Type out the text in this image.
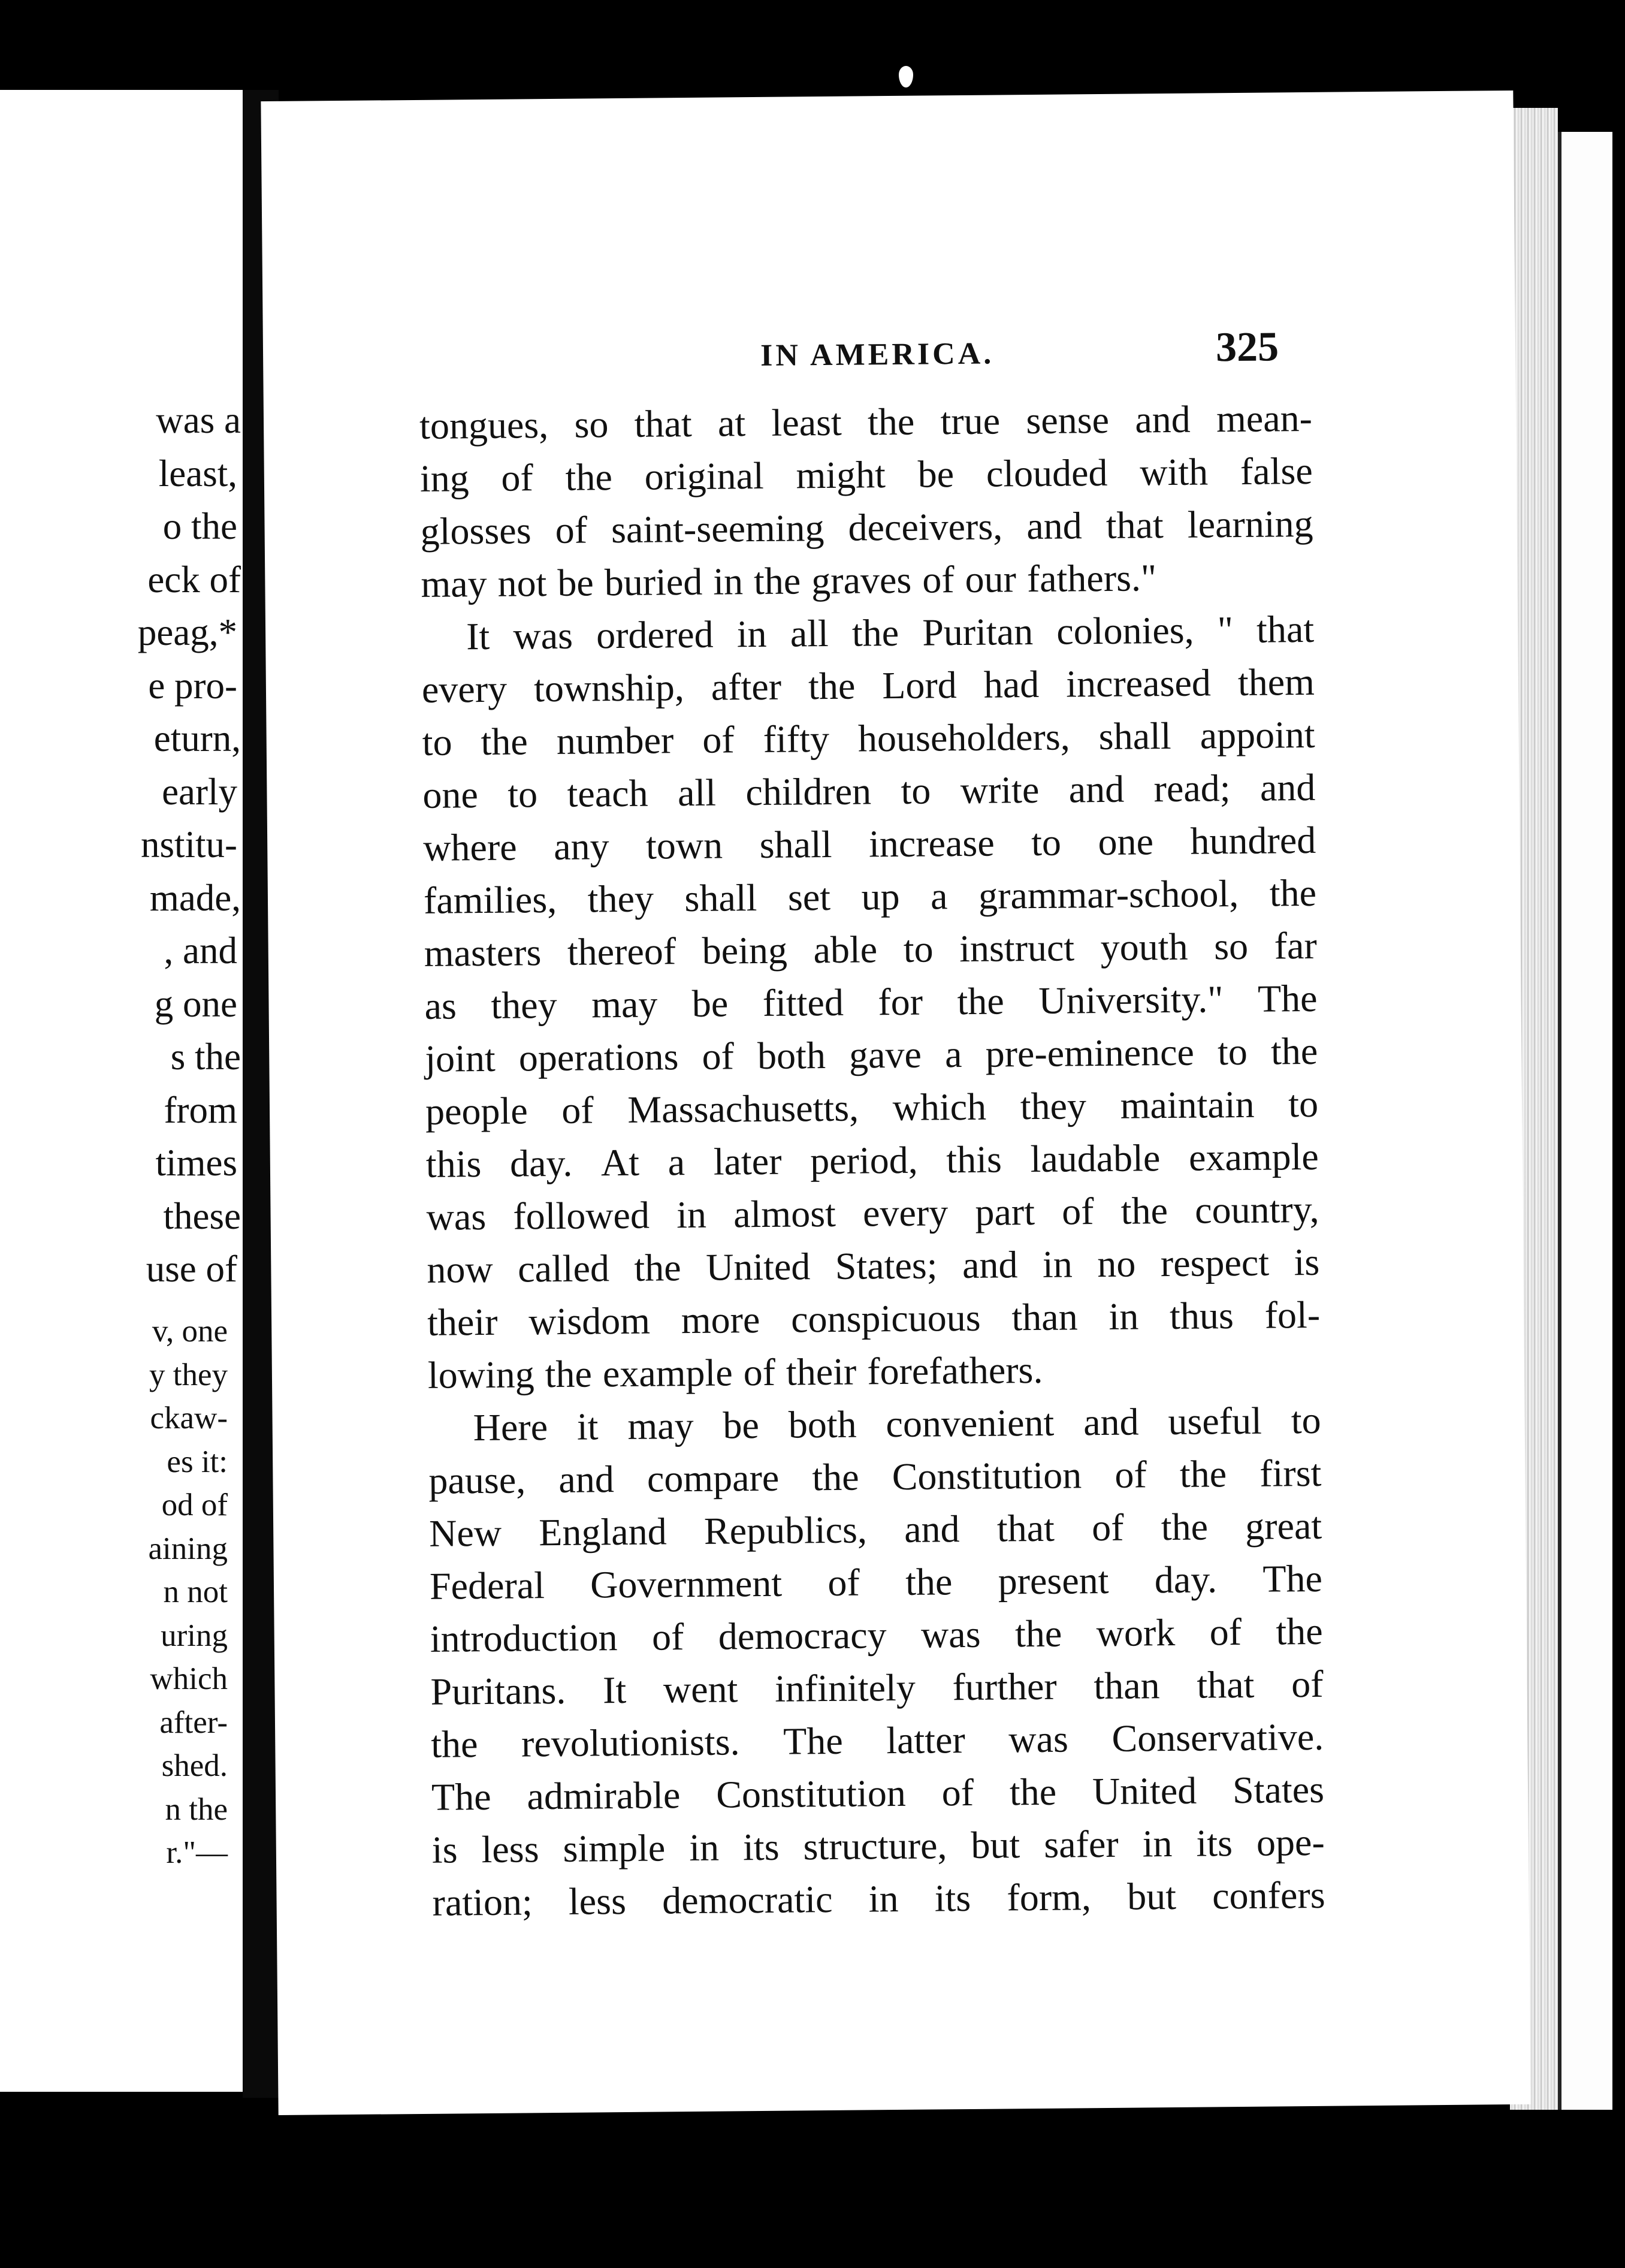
was a
least,
o the
eck of
peag,*
e pro-
eturn,
early
nstitu-
made,
, and
g one
s the
from
times
these
use of
v, one
y they
ckaw-
es it:
od of
aining
n not
uring
which
after-
shed.
n the
r."—
IN AMERICA.	325
tongues, so that at least the true sense and mean-
ing of the original might be clouded with false
glosses of saint-seeming deceivers, and that learning
may not be buried in the graves of our fathers."
It was ordered in all the Puritan colonies, " that
every township, after the Lord had increased them
to the number of fifty householders, shall appoint
one to teach all children to write and read; and
where any town shall increase to one hundred
families, they shall set up a grammar-school, the
masters thereof being able to instruct youth so far
as they may be fitted for the University." The
joint operations of both gave a pre-eminence to the
people of Massachusetts, which they maintain to
this day. At a later period, this laudable example
was followed in almost every part of the country,
now called the United States; and in no respect is
their wisdom more conspicuous than in thus fol-
lowing the example of their forefathers.
Here it may be both convenient and useful to
pause, and compare the Constitution of the first
New England Republics, and that of the great
Federal Government of the present day. The
introduction of democracy was the work of the
Puritans. It went infinitely further than that of
the revolutionists. The latter was Conservative.
The admirable Constitution of the United States
is less simple in its structure, but safer in its ope-
ration; less democratic in its form, but confers
